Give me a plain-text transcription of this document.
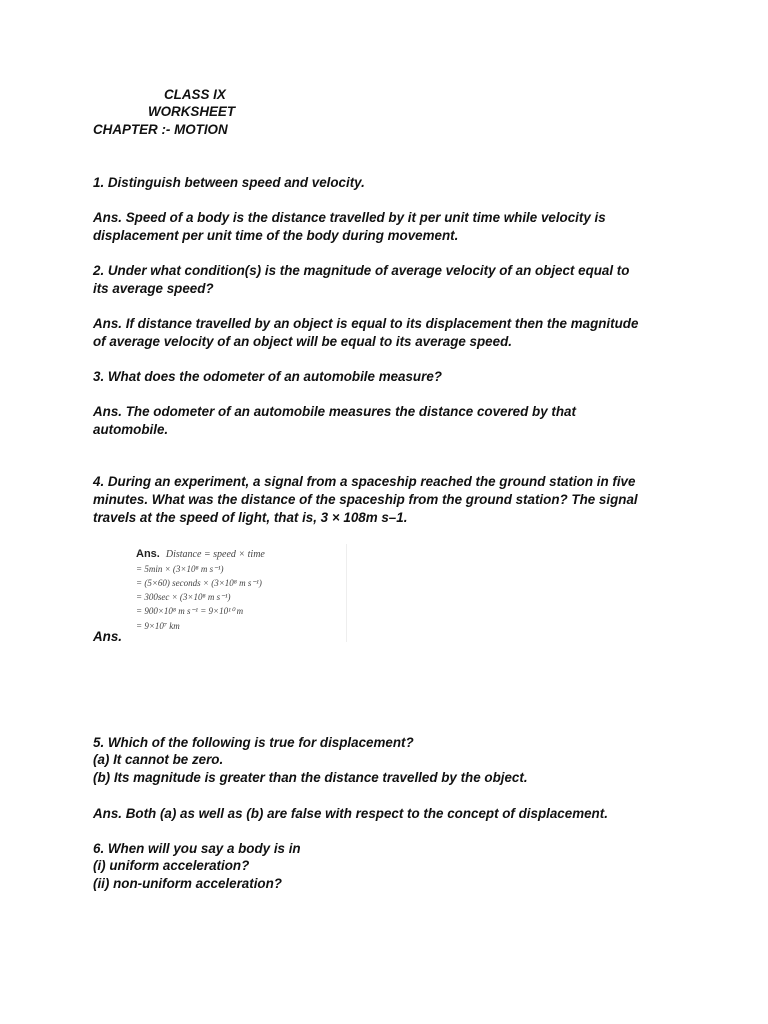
CLASS IX
WORKSHEET
CHAPTER :- MOTION
1. Distinguish between speed and velocity.
Ans. Speed of a body is the distance travelled by it per unit time while velocity is
displacement per unit time of the body during movement.
2. Under what condition(s) is the magnitude of average velocity of an object equal to
its average speed?
Ans. If distance travelled by an object is equal to its displacement then the magnitude
of average velocity of an object will be equal to its average speed.
3. What does the odometer of an automobile measure?
Ans. The odometer of an automobile measures the distance covered by that
automobile.
4. During an experiment, a signal from a spaceship reached the ground station in five
minutes. What was the distance of the spaceship from the ground station? The signal
travels at the speed of light, that is, 3 × 108m s–1.
Ans. Distance = speed × time
= 5min × (3×10⁸ m s⁻¹)
= (5×60) seconds × (3×10⁸ m s⁻¹)
= 300sec × (3×10⁸ m s⁻¹)
= 900×10⁸ m s⁻¹ = 9×10¹⁰ m
= 9×10⁷ km
Ans.
5. Which of the following is true for displacement?
(a) It cannot be zero.
(b) Its magnitude is greater than the distance travelled by the object.
Ans. Both (a) as well as (b) are false with respect to the concept of displacement.
6. When will you say a body is in
(i) uniform acceleration?
(ii) non-uniform acceleration?
